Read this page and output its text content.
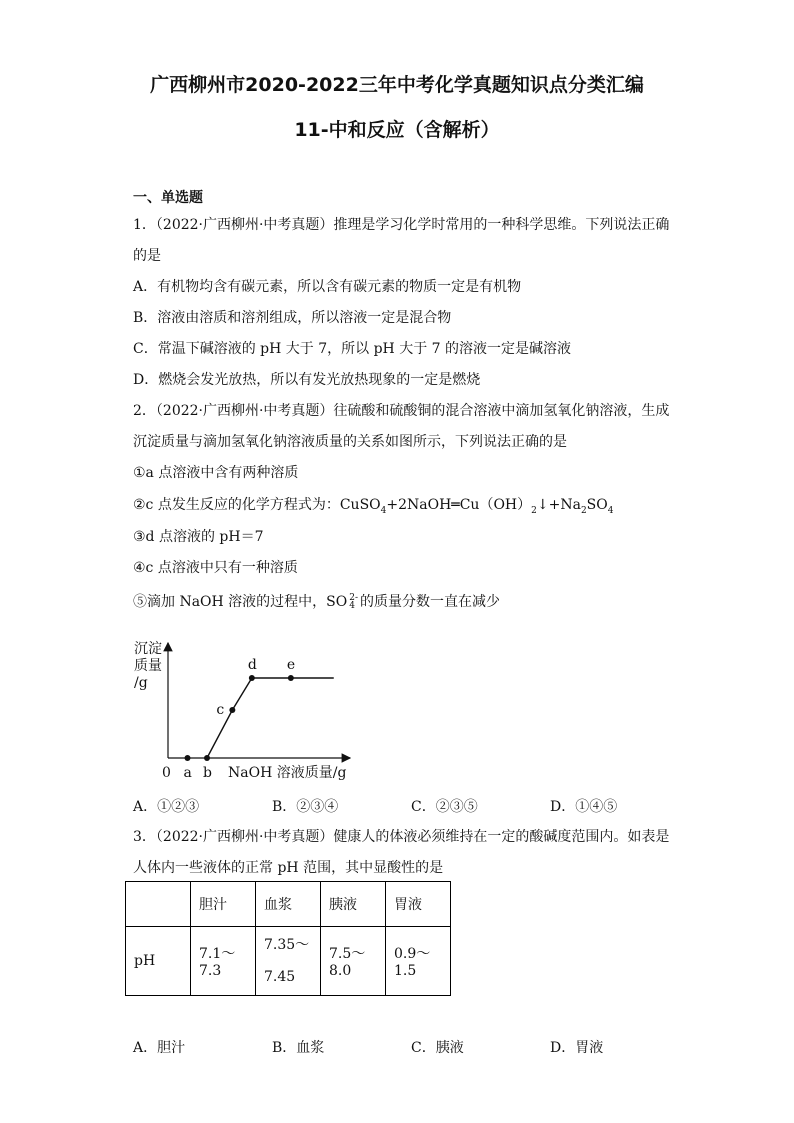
广西柳州市2020-2022三年中考化学真题知识点分类汇编
11-中和反应（含解析）
一、单选题
1．（2022·广西柳州·中考真题）推理是学习化学时常用的一种科学思维。下列说法正确
的是
A．有机物均含有碳元素，所以含有碳元素的物质一定是有机物
B．溶液由溶质和溶剂组成，所以溶液一定是混合物
C．常温下碱溶液的 pH 大于 7，所以 pH 大于 7 的溶液一定是碱溶液
D．燃烧会发光放热，所以有发光放热现象的一定是燃烧
2．（2022·广西柳州·中考真题）往硫酸和硫酸铜的混合溶液中滴加氢氧化钠溶液，生成
沉淀质量与滴加氢氧化钠溶液质量的关系如图所示，下列说法正确的是
①a 点溶液中含有两种溶质
②c 点发生反应的化学方程式为：$CuSO_4+2NaOH═Cu(OH)_2↓+Na_2SO_4$
③d 点溶液的 pH＝7
④c 点溶液中只有一种溶质
⑤滴加 NaOH 溶液的过程中，SO 2-
4 的质量分数一直在减少
a b
c
d e
沉淀
质量
/g
0	NaOH 溶液质量/g
A．①②③	B．②③④	C．②③⑤	D．①④⑤
3．（2022·广西柳州·中考真题）健康人的体液必须维持在一定的酸碱度范围内。如表是
人体内一些液体的正常 pH 范围，其中显酸性的是
	胆汁	血浆	胰液	胃液
pH	7.1～7.3	7.35～
7.45	7.5～8.0	0.9～1.5
A．胆汁	B．血浆	C．胰液	D．胃液
